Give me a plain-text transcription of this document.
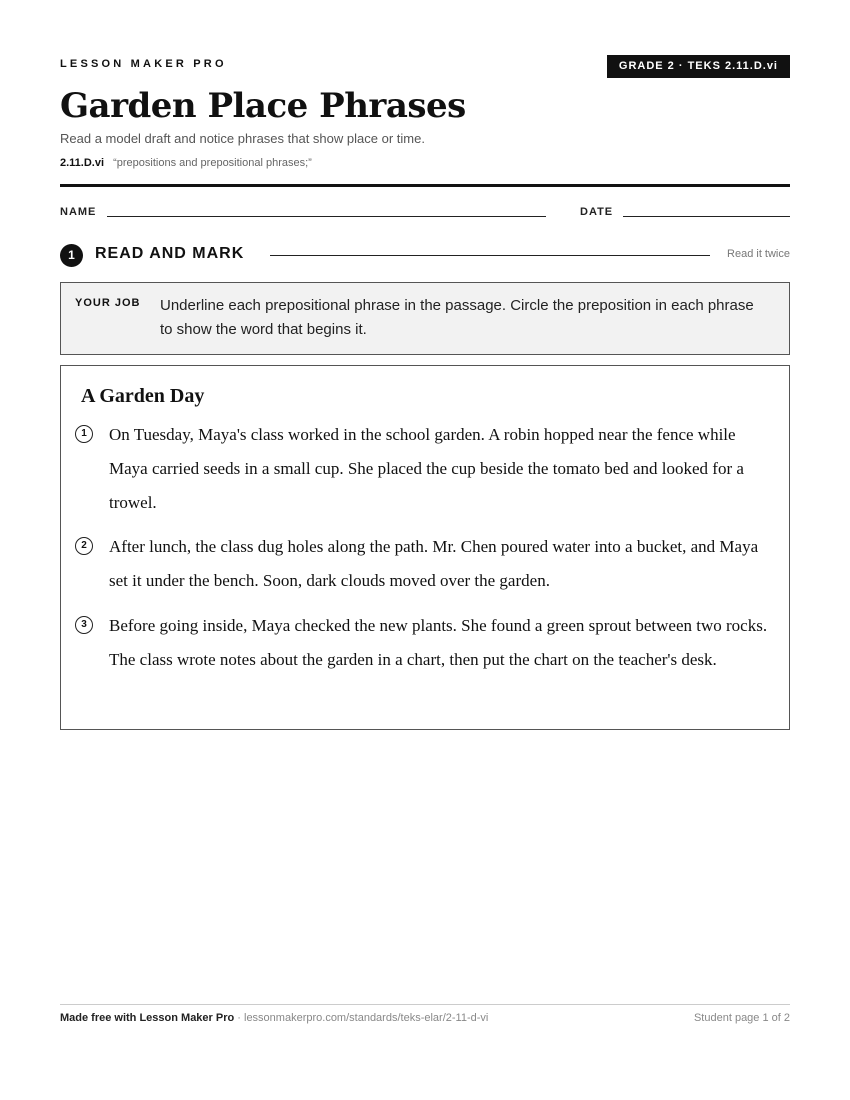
LESSON MAKER PRO	GRADE 2 · TEKS 2.11.D.vi
Garden Place Phrases
Read a model draft and notice phrases that show place or time.
2.11.D.vi “prepositions and prepositional phrases;”
NAME	DATE
1	READ AND MARK	Read it twice
YOUR JOB Underline each prepositional phrase in the passage. Circle the preposition in each phrase to show the word that begins it.
A Garden Day
1	On Tuesday, Maya's class worked in the school garden. A robin hopped near the fence while Maya carried seeds in a small cup. She placed the cup beside the tomato bed and looked for a trowel.

2	After lunch, the class dug holes along the path. Mr. Chen poured water into a bucket, and Maya set it under the bench. Soon, dark clouds moved over the garden.

3	Before going inside, Maya checked the new plants. She found a green sprout between two rocks. The class wrote notes about the garden in a chart, then put the chart on the teacher's desk.

Made free with Lesson Maker Pro · lessonmakerpro.com/standards/teks-elar/2-11-d-vi	Student page 1 of 2
